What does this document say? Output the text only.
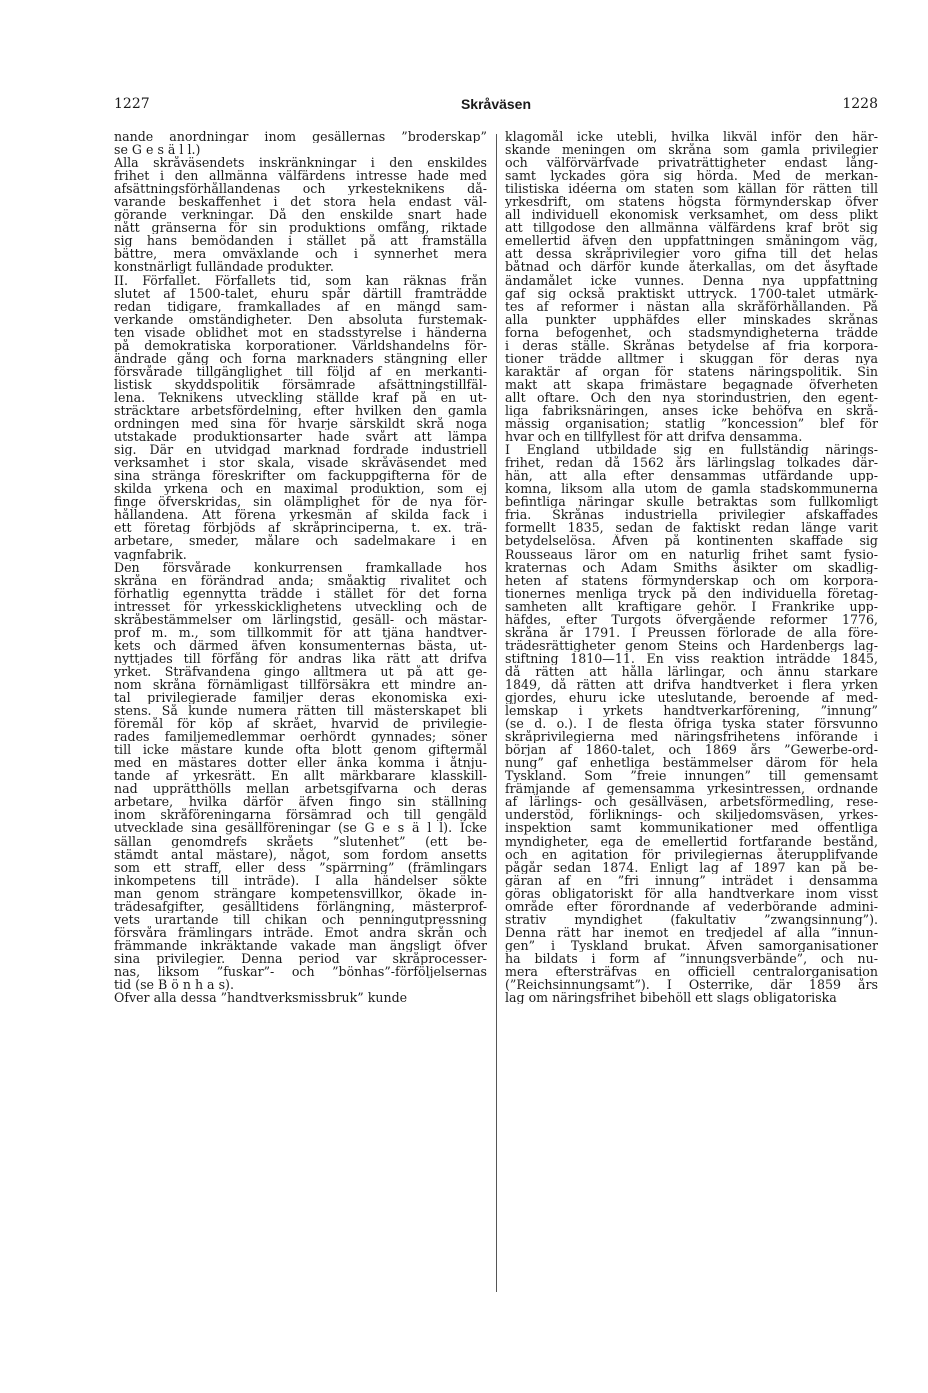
1227	Skråväsen	1228
nande anordningar inom gesällernas ”broderskap”
se G e s ä l l.)
Alla skråväsendets inskränkningar i den enskildes
frihet i den allmänna välfärdens intresse hade med
afsättningsförhållandenas och yrkesteknikens då-
varande beskaffenhet i det stora hela endast väl-
görande verkningar. Då den enskilde snart hade
nått gränserna för sin produktions omfång, riktade
sig hans bemödanden i stället på att framställa
bättre, mera omväxlande och i synnerhet mera
konstnärligt fulländade produkter.
II. Förfallet. Förfallets tid, som kan räknas från
slutet af 1500-talet, ehuru spår därtill framträdde
redan tidigare, framkallades af en mängd sam-
verkande omständigheter. Den absoluta furstemak-
ten visade oblidhet mot en stadsstyrelse i händerna
på demokratiska korporationer. Världshandelns för-
ändrade gång och forna marknaders stängning eller
försvårade tillgänglighet till följd af en merkanti-
listisk skyddspolitik försämrade afsättningstillfäl-
lena. Teknikens utveckling ställde kraf på en ut-
sträcktare arbetsfördelning, efter hvilken den gamla
ordningen med sina för hvarje särskildt skrå noga
utstakade produktionsarter hade svårt att lämpa
sig. Där en utvidgad marknad fordrade industriell
verksamhet i stor skala, visade skråväsendet med
sina stränga föreskrifter om fackuppgifterna för de
skilda yrkena och en maximal produktion, som ej
finge öfverskridas, sin olämplighet för de nya för-
hållandena. Att förena yrkesmän af skilda fack i
ett företag förbjöds af skråprinciperna, t. ex. trä-
arbetare, smeder, målare och sadelmakare i en
vagnfabrik.
Den försvårade konkurrensen framkallade hos
skråna en förändrad anda; småaktig rivalitet och
förhatlig egennytta trädde i stället för det forna
intresset för yrkesskicklighetens utveckling och de
skråbestämmelser om lärlingstid, gesäll- och mästar-
prof m. m., som tillkommit för att tjäna handtver-
kets och därmed äfven konsumenternas bästa, ut-
nyttjades till förfång för andras lika rätt att drifva
yrket. Sträfvandena gingo alltmera ut på att ge-
nom skråna förnämligast tillförsäkra ett mindre an-
tal privilegierade familjer deras ekonomiska exi-
stens. Så kunde numera rätten till mästerskapet bli
föremål för köp af skrået, hvarvid de privilegie-
rades familjemedlemmar oerhördt gynnades; söner
till icke mästare kunde ofta blott genom giftermål
med en mästares dotter eller änka komma i åtnju-
tande af yrkesrätt. En allt märkbarare klasskill-
nad upprätthölls mellan arbetsgifvarna och deras
arbetare, hvilka därför äfven fingo sin ställning
inom skråföreningarna försämrad och till gengäld
utvecklade sina gesällföreningar (se G e s ä l l). Icke
sällan genomdrefs skråets ”slutenhet” (ett be-
stämdt antal mästare), något, som fordom ansetts
som ett straff, eller dess ”spärrning” (främlingars
inkompetens till inträde). I alla händelser sökte
man genom strängare kompetensvillkor, ökade in-
trädesafgifter, gesälltidens förlängning, mästerprof-
vets urartande till chikan och penningutpressning
försvåra främlingars inträde. Emot andra skrån och
främmande inkräktande vakade man ängsligt öfver
sina privilegier. Denna period var skråprocesser-
nas, liksom ”fuskar”- och ”bönhas”-förföljelsernas
tid (se B ö n h a s).
Öfver alla dessa ”handtverksmissbruk” kunde
klagomål icke utebli, hvilka likväl inför den här-
skande meningen om skråna som gamla privilegier
och välförvärfvade privaträttigheter endast lång-
samt lyckades göra sig hörda. Med de merkan-
tilistiska idéerna om staten som källan för rätten till
yrkesdrift, om statens högsta förmynderskap öfver
all individuell ekonomisk verksamhet, om dess plikt
att tillgodose den allmänna välfärdens kraf bröt sig
emellertid äfven den uppfattningen småningom väg,
att dessa skråprivilegier voro gifna till det helas
båtnad och därför kunde återkallas, om det åsyftade
ändamålet icke vunnes. Denna nya uppfattning
gaf sig också praktiskt uttryck. 1700-talet utmärk-
tes af reformer i nästan alla skråförhållanden. På
alla punkter upphäfdes eller minskades skrånas
forna befogenhet, och stadsmyndigheterna trädde
i deras ställe. Skrånas betydelse af fria korpora-
tioner trädde alltmer i skuggan för deras nya
karaktär af organ för statens näringspolitik. Sin
makt att skapa frimästare begagnade öfverheten
allt oftare. Och den nya storindustrien, den egent-
liga fabriksnäringen, anses icke behöfva en skrå-
mässig organisation; statlig ”koncession” blef för
hvar och en tillfyllest för att drifva densamma.
I England utbildade sig en fullständig närings-
frihet, redan då 1562 års lärlingslag tolkades där-
hän, att alla efter densammas utfärdande upp-
komna, liksom alla utom de gamla stadskommunerna
befintliga näringar skulle betraktas som fullkomligt
fria. Skrånas industriella privilegier afskaffades
formellt 1835, sedan de faktiskt redan länge varit
betydelselösa. Äfven på kontinenten skaffade sig
Rousseaus läror om en naturlig frihet samt fysio-
kraternas och Adam Smiths åsikter om skadlig-
heten af statens förmynderskap och om korpora-
tionernes menliga tryck på den individuella företag-
samheten allt kraftigare gehör. I Frankrike upp-
häfdes, efter Turgots öfvergående reformer 1776,
skråna år 1791. I Preussen förlorade de alla före-
trädesrättigheter genom Steins och Hardenbergs lag-
stiftning 1810—11. En viss reaktion inträdde 1845,
då rätten att hålla lärlingar, och ännu starkare
1849, då rätten att drifva handtverket i flera yrken
gjordes, ehuru icke uteslutande, beroende af med-
lemskap i yrkets handtverkarförening, ”innung”
(se d. o.). I de flesta öfriga tyska stater försvunno
skråprivilegierna med näringsfrihetens införande i
början af 1860-talet, och 1869 års ”Gewerbe-ord-
nung” gaf enhetliga bestämmelser därom för hela
Tyskland. Som ”freie innungen” till gemensamt
främjande af gemensamma yrkesintressen, ordnande
af lärlings- och gesällväsen, arbetsförmedling, rese-
understöd, förliknings- och skiljedomsväsen, yrkes-
inspektion samt kommunikationer med offentliga
myndigheter, ega de emellertid fortfarande bestånd,
och en agitation för privilegiernas återupplifvande
pågår sedan 1874. Enligt lag af 1897 kan på be-
gäran af en ”fri innung” inträdet i densamma
göras obligatoriskt för alla handtverkare inom visst
område efter förordnande af vederbörande admini-
strativ myndighet (fakultativ ”zwangsinnung”).
Denna rätt har inemot en tredjedel af alla ”innun-
gen” i Tyskland brukat. Äfven samorganisationer
ha bildats i form af ”innungsverbände”, och nu-
mera eftersträfvas en officiell centralorganisation
(”Reichsinnungsamt”). I Österrike, där 1859 års
lag om näringsfrihet bibehöll ett slags obligatoriska
